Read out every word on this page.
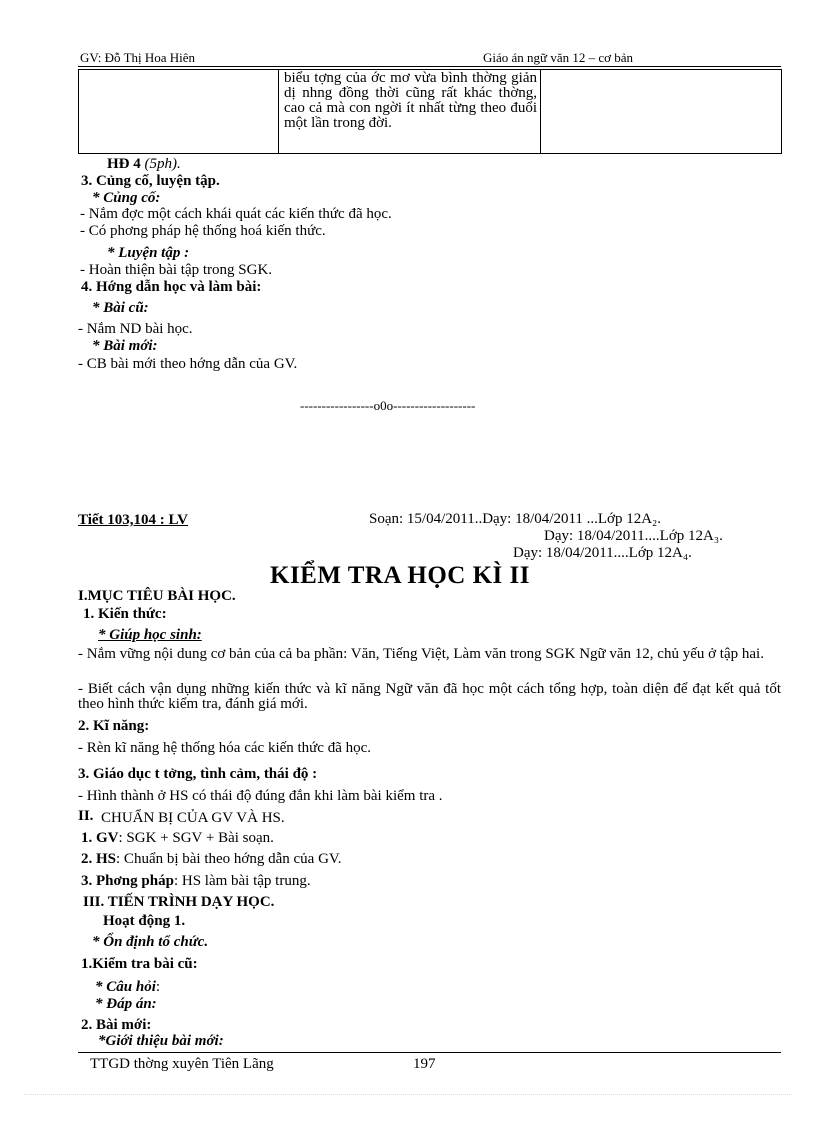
GV: Đỗ Thị Hoa Hiên	Giáo án ngữ văn 12 – cơ bản

biểu tợng của ớc mơ vừa bình thờng giản dị nhng đồng thời cũng rất khác thờng, cao cả mà con ngời ít nhất từng theo đuổi một lần trong đời.

HĐ 4 (5ph).
3. Củng cố, luyện tập.
* Củng cố:
- Nắm đợc một cách khái quát các kiến thức đã học.
- Có phơng pháp hệ thống hoá kiến thức.
* Luyện tập :
- Hoàn thiện bài tập trong SGK.
4. Hớng dẫn học và làm bài:
* Bài cũ:
- Nắm ND bài học.
* Bài mới:
- CB bài mới theo hớng dẫn của GV.
-----------------o0o-------------------
Tiết 103,104 : LV	Soạn: 15/04/2011..Dạy: 18/04/2011 ...Lớp 12A₂.
Dạy: 18/04/2011....Lớp 12A₃.
Dạy: 18/04/2011....Lớp 12A₄.
KIỂM TRA HỌC KÌ II
I.MỤC TIÊU BÀI HỌC.
1. Kiến thức:
* Giúp học sinh:
- Nắm vững nội dung cơ bản của cả ba phần: Văn, Tiếng Việt, Làm văn trong SGK Ngữ văn 12, chủ yếu ở tập hai.
- Biết cách vận dụng những kiến thức và kĩ năng Ngữ văn đã học một cách tổng hợp, toàn diện để đạt kết quả tốt theo hình thức kiểm tra, đánh giá mới.
2. Kĩ năng:
- Rèn kĩ năng hệ thống hóa các kiến thức đã học.
3. Giáo dục t tởng, tình cảm, thái độ :
- Hình thành ở HS có thái độ đúng đắn khi làm bài kiểm tra .
II. CHUẨN BỊ CỦA GV VÀ HS.
1. GV: SGK + SGV + Bài soạn.
2. HS: Chuẩn bị bài theo hớng dẫn của GV.
3. Phơng pháp: HS làm bài tập trung.
III. TIẾN TRÌNH DẠY HỌC.
Hoạt động 1.
* Ổn định tổ chức.
1.Kiểm tra bài cũ:
* Câu hỏi:
* Đáp án:
2. Bài mới:
*Giới thiệu bài mới:
TTGD thờng xuyên Tiên Lãng	197
